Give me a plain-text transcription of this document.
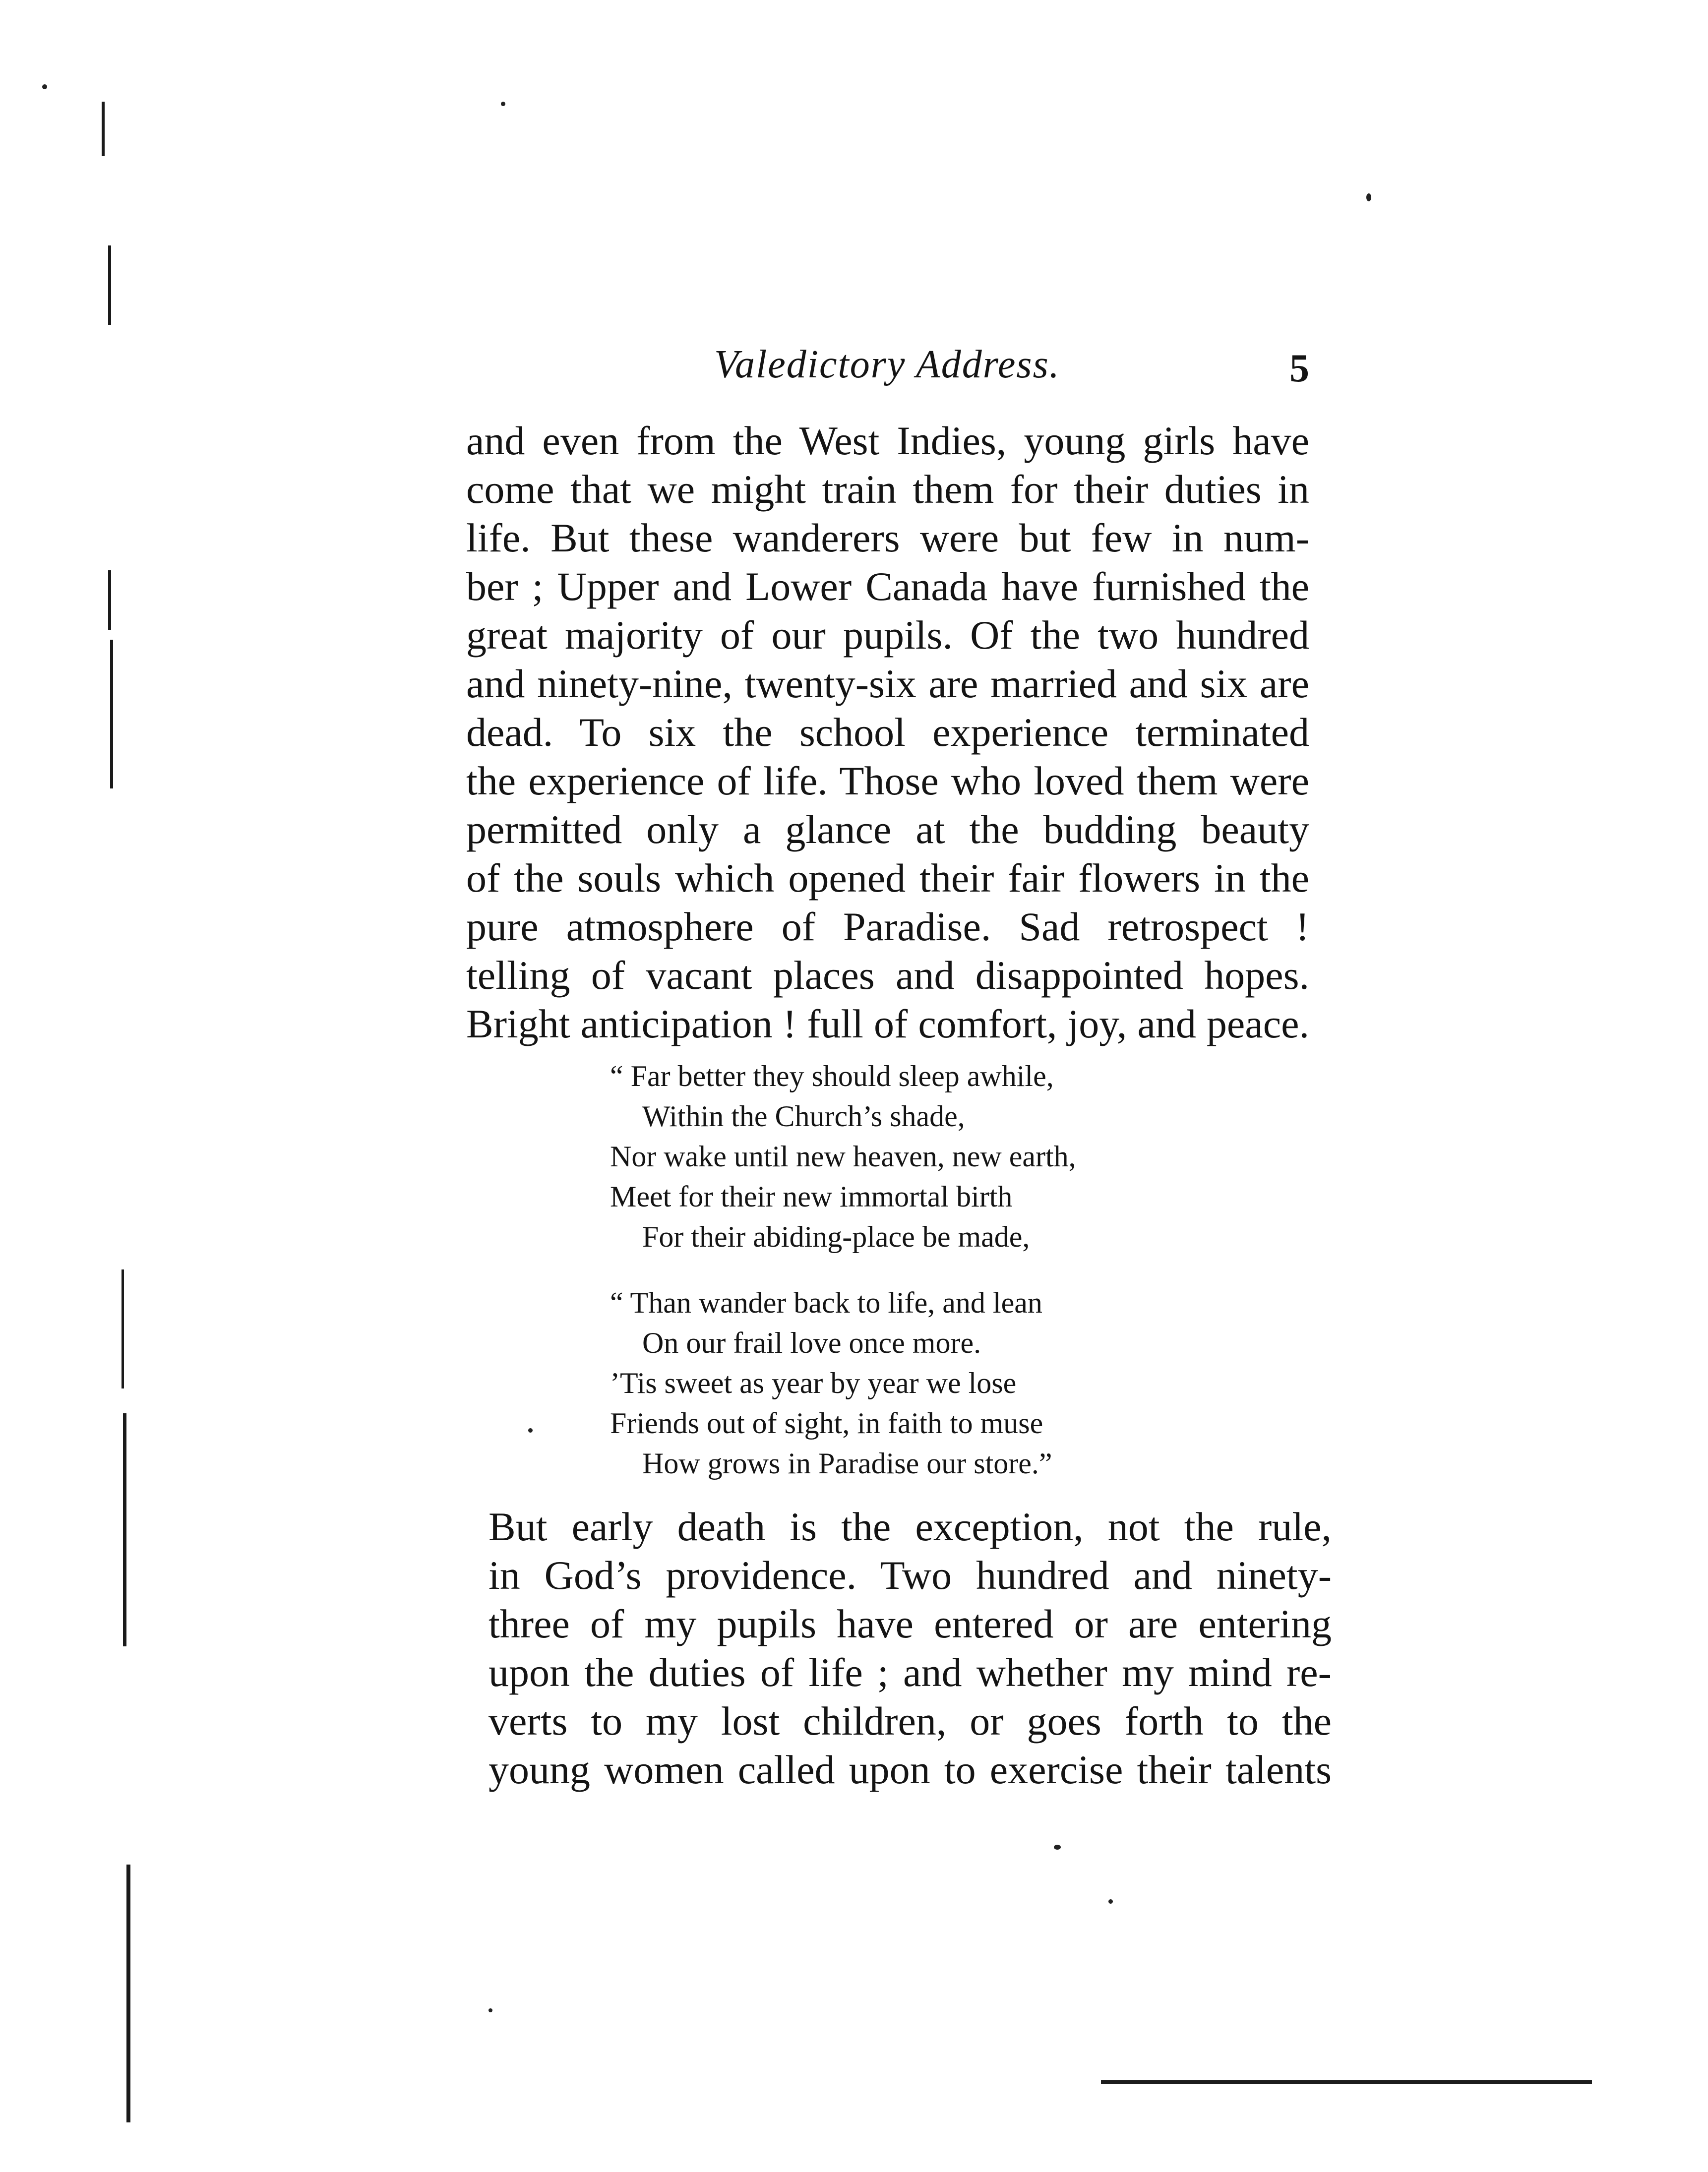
Valedictory Address.	5
and even from the West Indies, young girls have
come that we might train them for their duties in
life. But these wanderers were but few in num-
ber ; Upper and Lower Canada have furnished the
great majority of our pupils. Of the two hundred
and ninety-nine, twenty-six are married and six are
dead. To six the school experience terminated
the experience of life. Those who loved them were
permitted only a glance at the budding beauty
of the souls which opened their fair flowers in the
pure atmosphere of Paradise. Sad retrospect !
telling of vacant places and disappointed hopes.
Bright anticipation ! full of comfort, joy, and peace.
“ Far better they should sleep awhile,
Within the Church’s shade,
Nor wake until new heaven, new earth,
Meet for their new immortal birth
For their abiding-place be made,
“ Than wander back to life, and lean
On our frail love once more.
’Tis sweet as year by year we lose
Friends out of sight, in faith to muse
How grows in Paradise our store.”
But early death is the exception, not the rule,
in God’s providence. Two hundred and ninety-
three of my pupils have entered or are entering
upon the duties of life ; and whether my mind re-
verts to my lost children, or goes forth to the
young women called upon to exercise their talents
